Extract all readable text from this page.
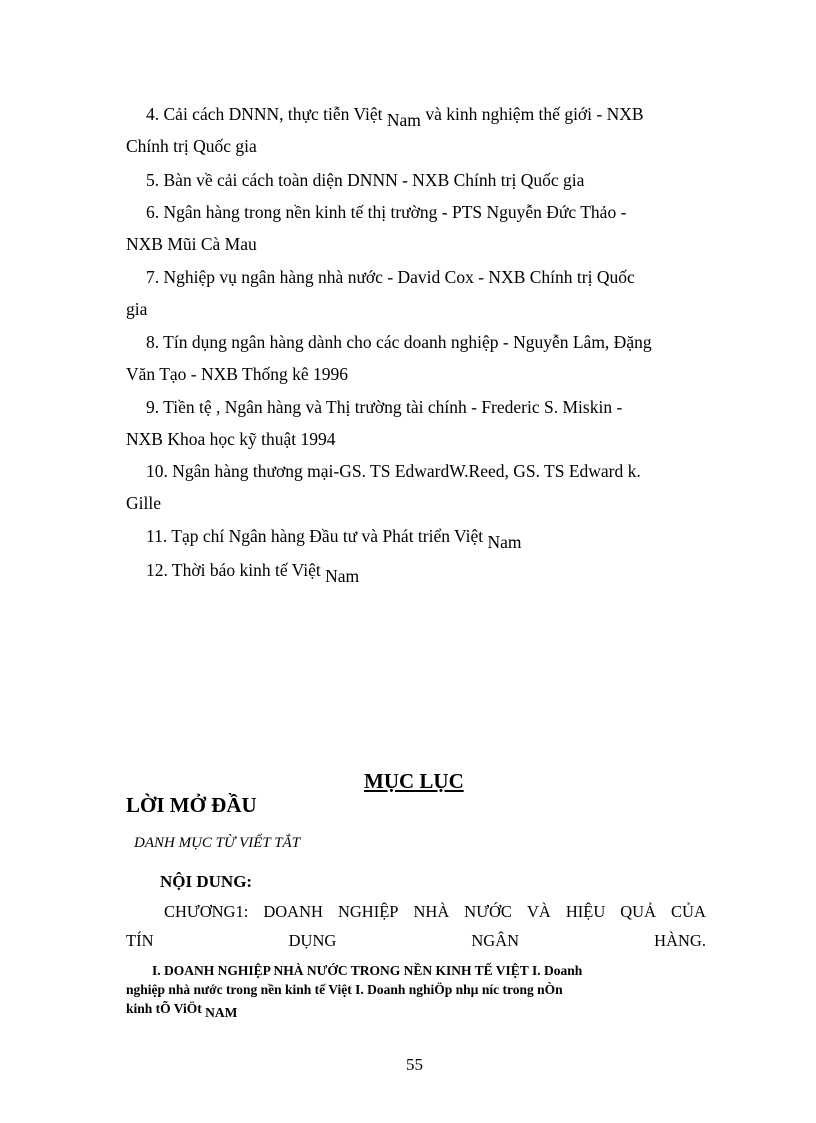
4. Cải cách DNNN, thực tiễn Việt Nam và kinh nghiệm thế giới - NXB
Chính trị Quốc gia
5. Bàn về cải cách toàn diện DNNN - NXB Chính trị Quốc gia
6. Ngân hàng trong nền kinh tế thị trường - PTS Nguyễn Đức Thảo -
NXB Mũi Cà Mau
7. Nghiệp vụ ngân hàng nhà nước - David Cox - NXB Chính trị Quốc
gia
8. Tín dụng ngân hàng dành cho các doanh nghiệp - Nguyễn Lâm, Đặng
Văn Tạo - NXB Thống kê 1996
9. Tiền tệ , Ngân hàng và Thị trường tài chính - Frederic S. Miskin -
NXB Khoa học kỹ thuật 1994
10. Ngân hàng thương mại-GS. TS EdwardW.Reed, GS. TS Edward k.
Gille
11. Tạp chí Ngân hàng Đầu tư và Phát triển Việt Nam
12. Thời báo kinh tế Việt Nam
MỤC LỤC
LỜI MỞ ĐẦU
DANH MỤC TỪ VIẾT TẮT
NỘI DUNG:
CHƯƠNG1: DOANH NGHIỆP NHÀ NƯỚC VÀ HIỆU QUẢ CỦA
TÍN	DỤNG	NGÂN	HÀNG.
I. DOANH NGHIỆP NHÀ NƯỚC TRONG NỀN KINH TẾ VIỆT I. Doanh
nghiệp nhà nước trong nền kinh tế Việt I. Doanh nghiÖp nhµ níc trong nÒn
kinh tÕ ViÖt NAM
55
